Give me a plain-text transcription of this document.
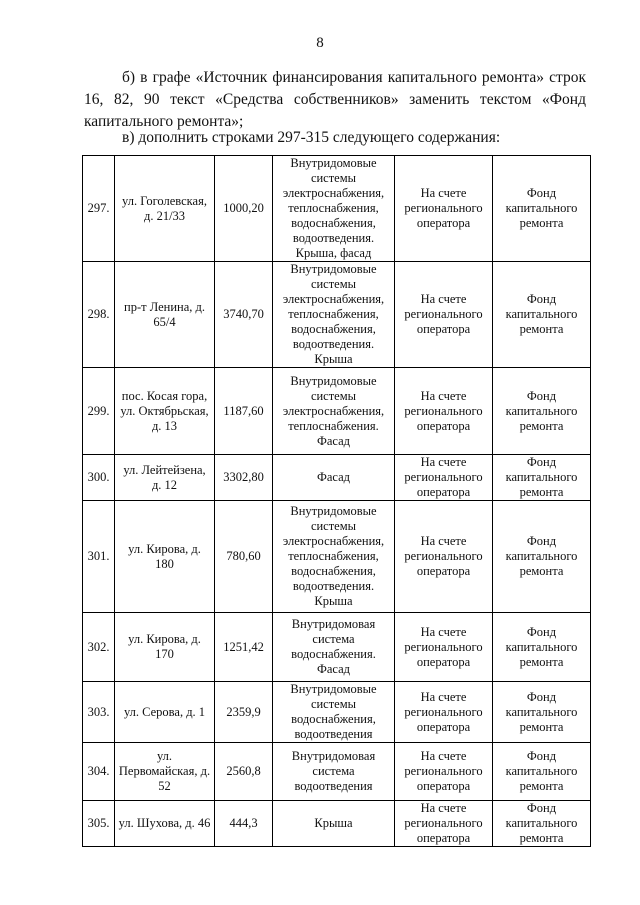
8

б) в графе «Источник финансирования капитального ремонта» строк 16, 82, 90 текст «Средства собственников» заменить текстом «Фонд капитального ремонта»;

в) дополнить строками 297-315 следующего содержания:

297.	ул. Гоголевская, д. 21/33	1000,20	Внутридомовые системы электроснабжения, теплоснабжения, водоснабжения, водоотведения. Крыша, фасад	На счете регионального оператора	Фонд капитального ремонта
298.	пр-т Ленина, д. 65/4	3740,70	Внутридомовые системы электроснабжения, теплоснабжения, водоснабжения, водоотведения. Крыша	На счете регионального оператора	Фонд капитального ремонта
299.	пос. Косая гора, ул. Октябрьская, д. 13	1187,60	Внутридомовые системы электроснабжения, теплоснабжения. Фасад	На счете регионального оператора	Фонд капитального ремонта
300.	ул. Лейтейзена, д. 12	3302,80	Фасад	На счете регионального оператора	Фонд капитального ремонта
301.	ул. Кирова, д. 180	780,60	Внутридомовые системы электроснабжения, теплоснабжения, водоснабжения, водоотведения. Крыша	На счете регионального оператора	Фонд капитального ремонта
302.	ул. Кирова, д. 170	1251,42	Внутридомовая система водоснабжения. Фасад	На счете регионального оператора	Фонд капитального ремонта
303.	ул. Серова, д. 1	2359,9	Внутридомовые системы водоснабжения, водоотведения	На счете регионального оператора	Фонд капитального ремонта
304.	ул. Первомайская, д. 52	2560,8	Внутридомовая система водоотведения	На счете регионального оператора	Фонд капитального ремонта
305.	ул. Шухова, д. 46	444,3	Крыша	На счете регионального оператора	Фонд капитального ремонта
